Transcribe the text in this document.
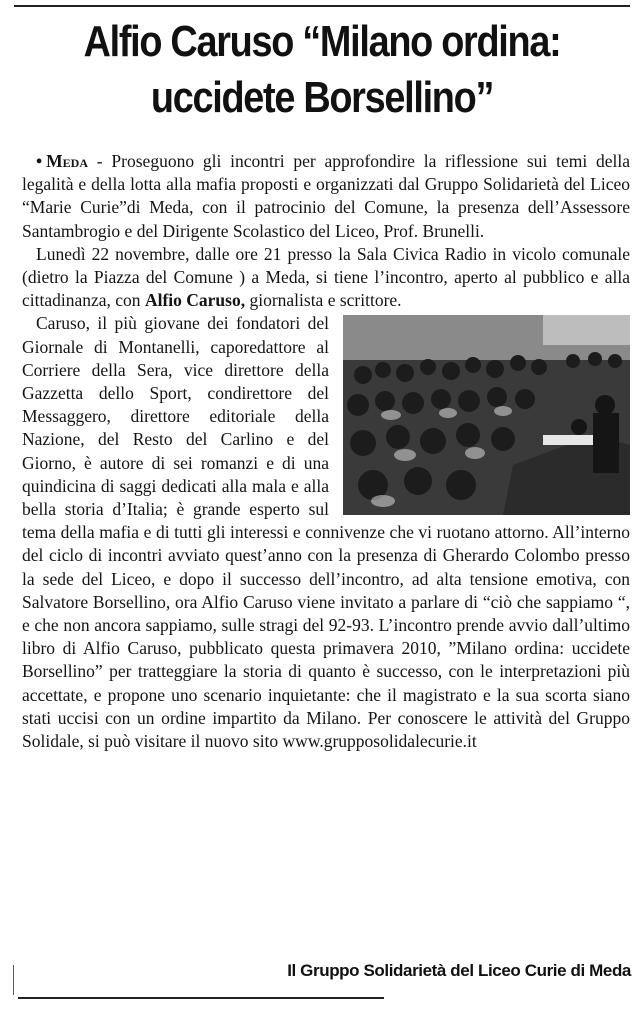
Alfio Caruso “Milano ordina:
uccidete Borsellino”

• Meda - Proseguono gli incontri per approfondire la riflessione sui temi della legalità e della lotta alla mafia proposti e organizzati dal Gruppo Solidarietà del Liceo “Marie Curie”di Meda, con il patrocinio del Comune, la presenza dell’Assessore Santambrogio e del Dirigente Scolastico del Liceo, Prof. Brunelli.

Lunedì 22 novembre, dalle ore 21 presso la Sala Civica Radio in vicolo comunale (dietro la Piazza del Comune ) a Meda, si tiene l’incontro, aperto al pubblico e alla cittadinanza, con Alfio Caruso, giornalista e scrittore.

Caruso, il più giovane dei fondatori del Giornale di Montanelli, caporedattore al Corriere della Sera, vice direttore della Gazzetta dello Sport, condirettore del Messaggero, direttore editoriale della Nazione, del Resto del Carlino e del Giorno, è autore di sei romanzi e di una quindicina di saggi dedicati alla mala e alla bella storia d’Italia; è grande esperto sul tema della mafia e di tutti gli interessi e connivenze che vi ruotano attorno. All’interno del ciclo di incontri avviato quest’anno con la presenza di Gherardo Colombo presso la sede del Liceo, e dopo il successo dell’incontro, ad alta tensione emotiva, con Salvatore Borsellino, ora Alfio Caruso viene invitato a parlare di “ciò che sappiamo “, e che non ancora sappiamo, sulle stragi del 92-93. L’incontro prende avvio dall’ultimo libro di Alfio Caruso, pubblicato questa primavera 2010, ”Milano ordina: uccidete Borsellino” per tratteggiare la storia di quanto è successo, con le interpretazioni più accettate, e propone uno scenario inquietante: che il magistrato e la sua scorta siano stati uccisi con un ordine impartito da Milano. Per conoscere le attività del Gruppo Solidale, si può visitare il nuovo sito www.grupposolidalecurie.it

Il Gruppo Solidarietà del Liceo Curie di Meda
